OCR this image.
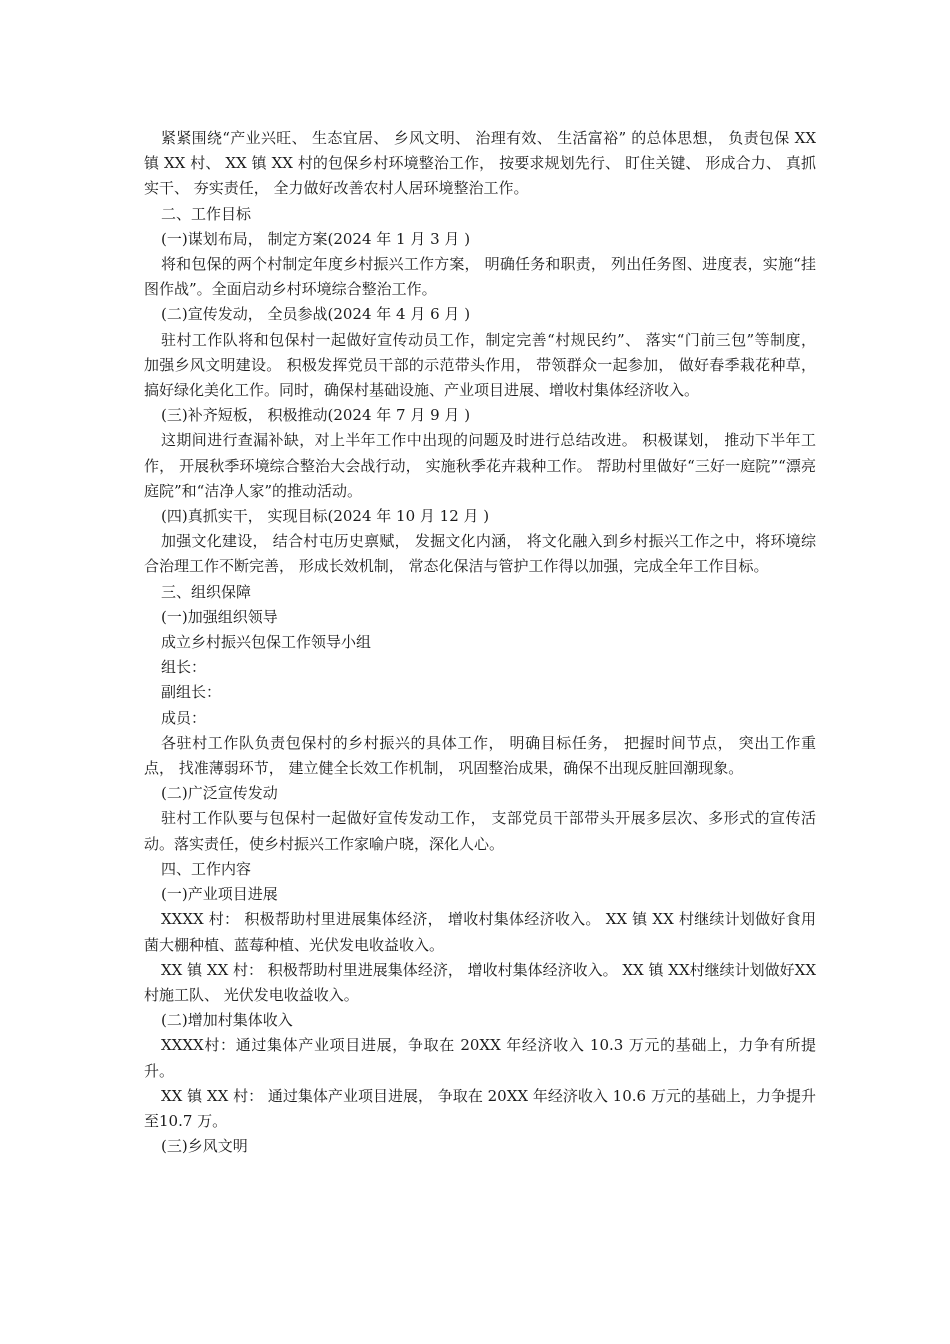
紧紧围绕“产业兴旺、 生态宜居、 乡风文明、 治理有效、 生活富裕” 的总体思想， 负责包保 XX 镇 XX 村、 XX 镇 XX 村的包保乡村环境整治工作， 按要求规划先行、 盯住关键、 形成合力、 真抓实干、 夯实责任， 全力做好改善农村人居环境整治工作。

二、工作目标

(一)谋划布局， 制定方案(2024 年 1 月 3 月 )

将和包保的两个村制定年度乡村振兴工作方案， 明确任务和职责， 列出任务图、进度表，实施“挂图作战”。全面启动乡村环境综合整治工作。

(二)宣传发动， 全员参战(2024 年 4 月 6 月 )

驻村工作队将和包保村一起做好宣传动员工作，制定完善“村规民约”、 落实“门前三包”等制度， 加强乡风文明建设。 积极发挥党员干部的示范带头作用， 带领群众一起参加， 做好春季栽花种草， 搞好绿化美化工作。同时，确保村基础设施、产业项目进展、增收村集体经济收入。

(三)补齐短板， 积极推动(2024 年 7 月 9 月 )

这期间进行查漏补缺，对上半年工作中出现的问题及时进行总结改进。 积极谋划， 推动下半年工作， 开展秋季环境综合整治大会战行动， 实施秋季花卉栽种工作。 帮助村里做好“三好一庭院”“漂亮庭院”和“洁净人家”的推动活动。

(四)真抓实干， 实现目标(2024 年 10 月 12 月 )

加强文化建设， 结合村屯历史禀赋， 发掘文化内涵， 将文化融入到乡村振兴工作之中，将环境综合治理工作不断完善， 形成长效机制， 常态化保洁与管护工作得以加强，完成全年工作目标。

三、组织保障

(一)加强组织领导

成立乡村振兴包保工作领导小组

组长：

副组长：

成员：

各驻村工作队负责包保村的乡村振兴的具体工作， 明确目标任务， 把握时间节点， 突出工作重点， 找准薄弱环节， 建立健全长效工作机制， 巩固整治成果，确保不出现反脏回潮现象。

(二)广泛宣传发动

驻村工作队要与包保村一起做好宣传发动工作， 支部党员干部带头开展多层次、多形式的宣传活动。落实责任，使乡村振兴工作家喻户晓，深化人心。

四、工作内容

(一)产业项目进展

XXXX 村： 积极帮助村里进展集体经济， 增收村集体经济收入。 XX 镇 XX 村继续计划做好食用菌大棚种植、蓝莓种植、光伏发电收益收入。

XX 镇 XX 村： 积极帮助村里进展集体经济， 增收村集体经济收入。 XX 镇 XX村继续计划做好XX 村施工队、 光伏发电收益收入。

(二)增加村集体收入

XXXX村：通过集体产业项目进展，争取在 20XX 年经济收入 10.3 万元的基础上，力争有所提升。

XX 镇 XX 村： 通过集体产业项目进展， 争取在 20XX 年经济收入 10.6 万元的基础上，力争提升至10.7 万。

(三)乡风文明
